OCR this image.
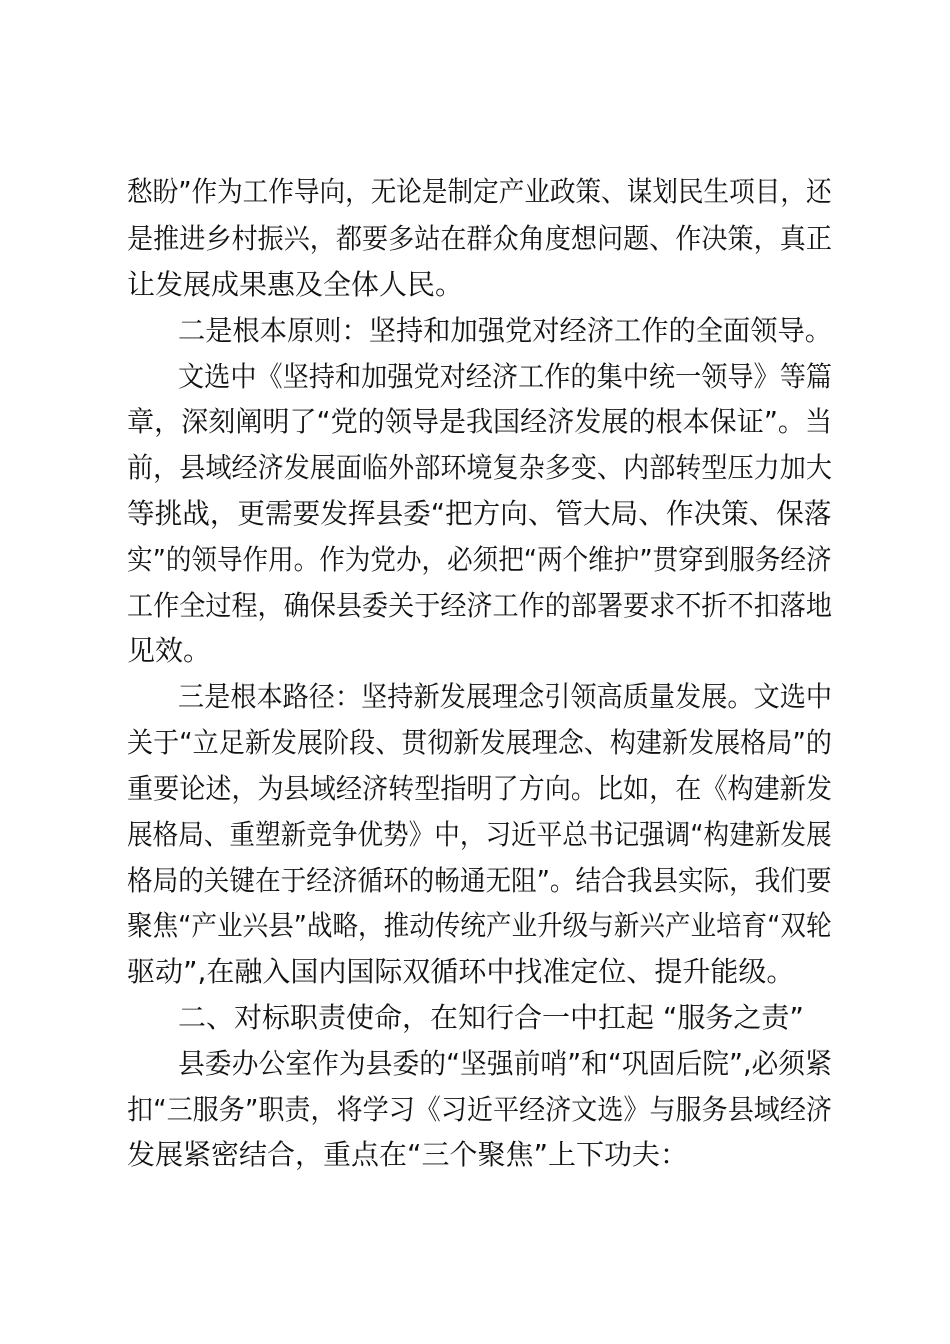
愁盼”作为工作导向，无论是制定产业政策、谋划民生项目，还
是推进乡村振兴，都要多站在群众角度想问题、作决策，真正
让发展成果惠及全体人民。
二是根本原则：坚持和加强党对经济工作的全面领导。
文选中《坚持和加强党对经济工作的集中统一领导》等篇
章，深刻阐明了“党的领导是我国经济发展的根本保证”。当
前，县域经济发展面临外部环境复杂多变、内部转型压力加大
等挑战，更需要发挥县委“把方向、管大局、作决策、保落
实”的领导作用。作为党办，必须把“两个维护”贯穿到服务经济
工作全过程，确保县委关于经济工作的部署要求不折不扣落地
见效。
三是根本路径：坚持新发展理念引领高质量发展。文选中
关于“立足新发展阶段、贯彻新发展理念、构建新发展格局”的
重要论述，为县域经济转型指明了方向。比如，在《构建新发
展格局、重塑新竞争优势》中，习近平总书记强调“构建新发展
格局的关键在于经济循环的畅通无阻”。结合我县实际，我们要
聚焦“产业兴县”战略，推动传统产业升级与新兴产业培育“双轮
驱动”,在融入国内国际双循环中找准定位、提升能级。
二、对标职责使命，在知行合一中扛起 “服务之责”
县委办公室作为县委的“坚强前哨”和“巩固后院”,必须紧
扣“三服务”职责，将学习《习近平经济文选》与服务县域经济
发展紧密结合，重点在“三个聚焦”上下功夫：
